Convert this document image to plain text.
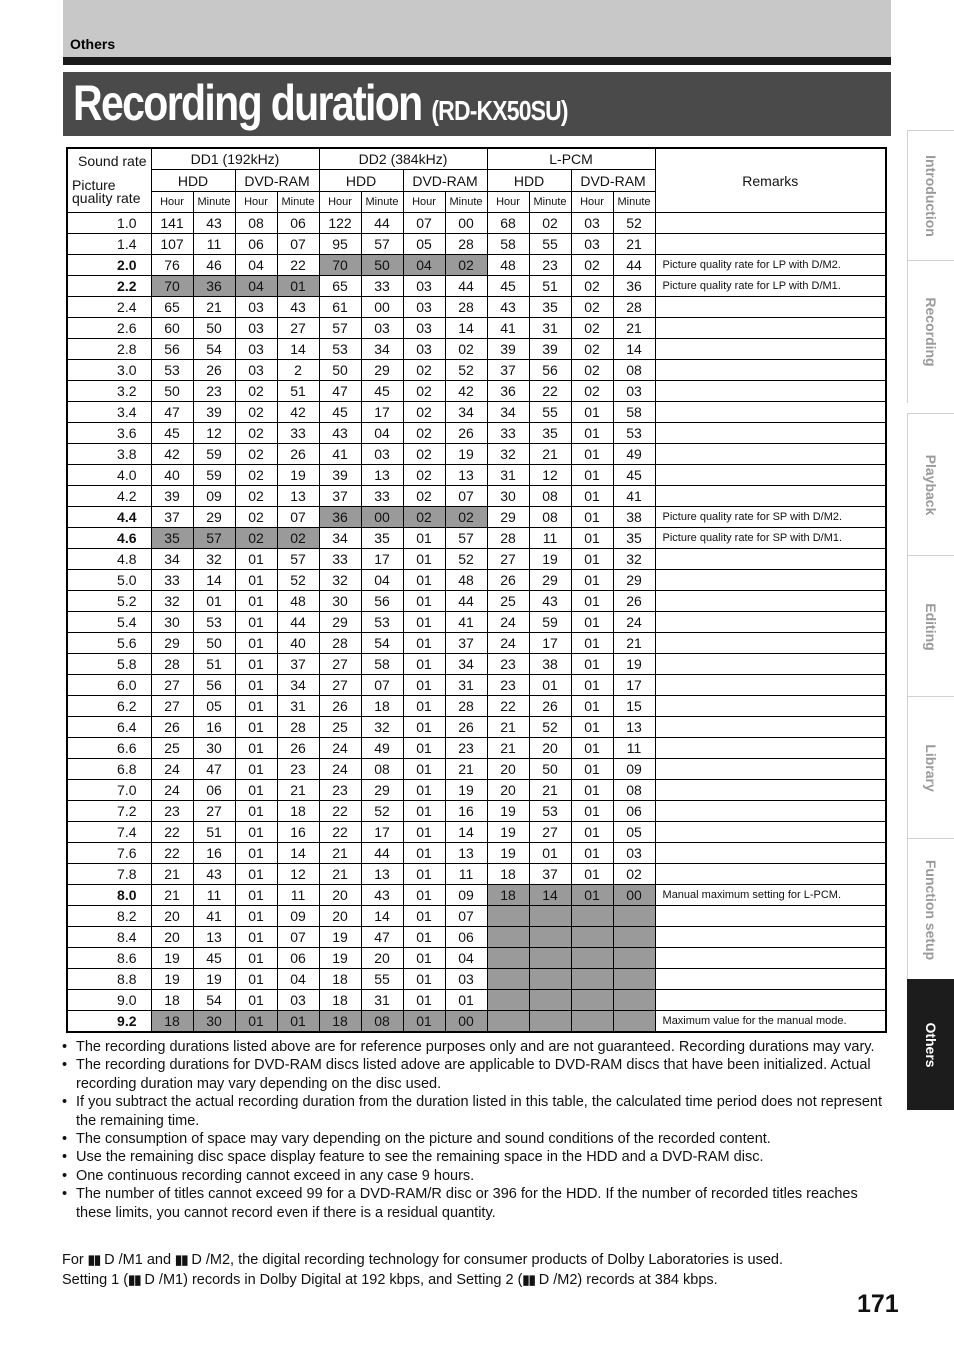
Others
Recording duration (RD-KX50SU)
Sound rate
Picture
quality rate	DD1 (192kHz)				DD2 (384kHz)				L-PCM				Remarks
	HDD		DVD-RAM		HDD		DVD-RAM		HDD		DVD-RAM		
	Hour	Minute	Hour	Minute	Hour	Minute	Hour	Minute	Hour	Minute	Hour	Minute	
1.0	141	43	08	06	122	44	07	00	68	02	03	52	
1.4	107	11	06	07	95	57	05	28	58	55	03	21	
2.0	76	46	04	22	70	50	04	02	48	23	02	44	Picture quality rate for LP with D/M2.
2.2	70	36	04	01	65	33	03	44	45	51	02	36	Picture quality rate for LP with D/M1.
2.4	65	21	03	43	61	00	03	28	43	35	02	28	
2.6	60	50	03	27	57	03	03	14	41	31	02	21	
2.8	56	54	03	14	53	34	03	02	39	39	02	14	
3.0	53	26	03	2	50	29	02	52	37	56	02	08	
3.2	50	23	02	51	47	45	02	42	36	22	02	03	
3.4	47	39	02	42	45	17	02	34	34	55	01	58	
3.6	45	12	02	33	43	04	02	26	33	35	01	53	
3.8	42	59	02	26	41	03	02	19	32	21	01	49	
4.0	40	59	02	19	39	13	02	13	31	12	01	45	
4.2	39	09	02	13	37	33	02	07	30	08	01	41	
4.4	37	29	02	07	36	00	02	02	29	08	01	38	Picture quality rate for SP with D/M2.
4.6	35	57	02	02	34	35	01	57	28	11	01	35	Picture quality rate for SP with D/M1.
4.8	34	32	01	57	33	17	01	52	27	19	01	32	
5.0	33	14	01	52	32	04	01	48	26	29	01	29	
5.2	32	01	01	48	30	56	01	44	25	43	01	26	
5.4	30	53	01	44	29	53	01	41	24	59	01	24	
5.6	29	50	01	40	28	54	01	37	24	17	01	21	
5.8	28	51	01	37	27	58	01	34	23	38	01	19	
6.0	27	56	01	34	27	07	01	31	23	01	01	17	
6.2	27	05	01	31	26	18	01	28	22	26	01	15	
6.4	26	16	01	28	25	32	01	26	21	52	01	13	
6.6	25	30	01	26	24	49	01	23	21	20	01	11	
6.8	24	47	01	23	24	08	01	21	20	50	01	09	
7.0	24	06	01	21	23	29	01	19	20	21	01	08	
7.2	23	27	01	18	22	52	01	16	19	53	01	06	
7.4	22	51	01	16	22	17	01	14	19	27	01	05	
7.6	22	16	01	14	21	44	01	13	19	01	01	03	
7.8	21	43	01	12	21	13	01	11	18	37	01	02	
8.0	21	11	01	11	20	43	01	09	18	14	01	00	Manual maximum setting for L-PCM.
8.2	20	41	01	09	20	14	01	07					
8.4	20	13	01	07	19	47	01	06					
8.6	19	45	01	06	19	20	01	04					
8.8	19	19	01	04	18	55	01	03					
9.0	18	54	01	03	18	31	01	01					
9.2	18	30	01	01	18	08	01	00					Maximum value for the manual mode.
• The recording durations listed above are for reference purposes only and are not guaranteed. Recording durations may vary.
• The recording durations for DVD-RAM discs listed adove are applicable to DVD-RAM discs that have been initialized. Actual recording duration may vary depending on the disc used.
• If you subtract the actual recording duration from the duration listed in this table, the calculated time period does not represent the remaining time.
• The consumption of space may vary depending on the picture and sound conditions of the recorded content.
• Use the remaining disc space display feature to see the remaining space in the HDD and a DVD-RAM disc.
• One continuous recording cannot exceed in any case 9 hours.
• The number of titles cannot exceed 99 for a DVD-RAM/R disc or 396 for the HDD. If the number of recorded titles reaches these limits, you cannot record even if there is a residual quantity.

For ▮▮ D /M1 and ▮▮ D /M2, the digital recording technology for consumer products of Dolby Laboratories is used.
Setting 1 (▮▮ D /M1) records in Dolby Digital at 192 kbps, and Setting 2 (▮▮ D /M2) records at 384 kbps.

171
Introduction
Recording
Playback
Editing
Library
Function setup
Others
